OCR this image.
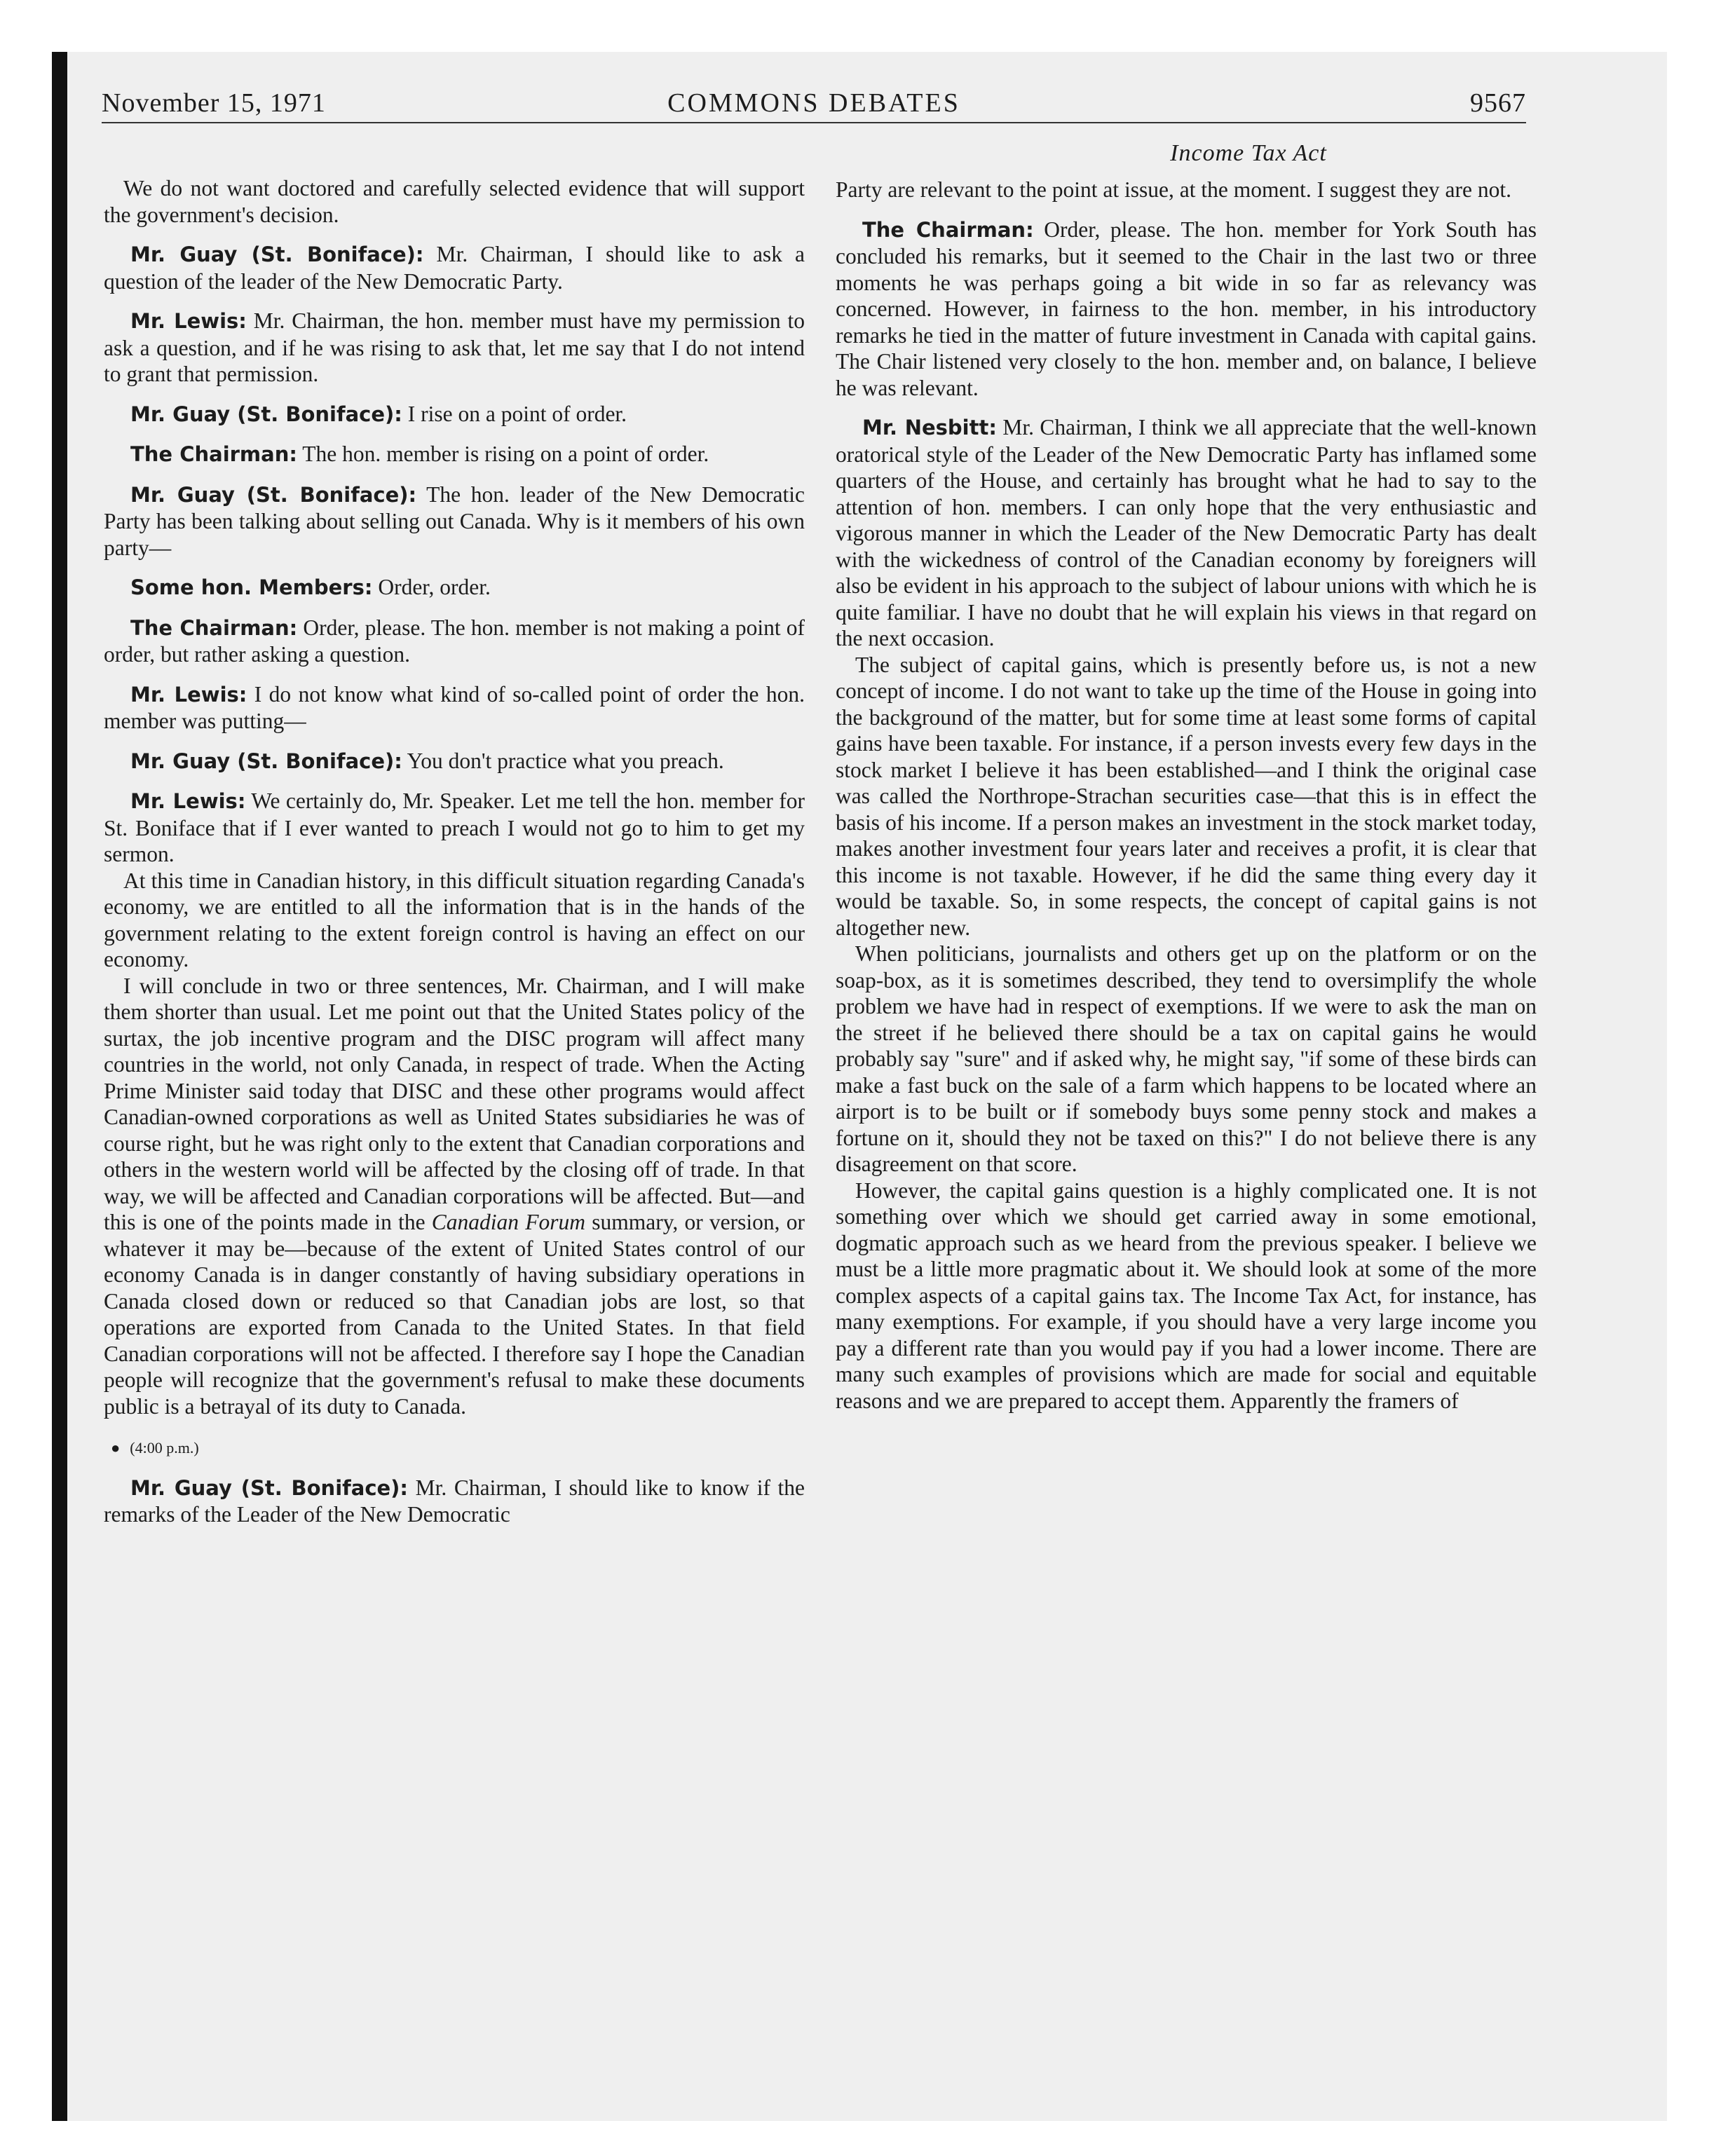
November 15, 1971	COMMONS DEBATES	9567
Income Tax Act

We do not want doctored and carefully selected evidence that will support the government's decision.

Mr. Guay (St. Boniface): Mr. Chairman, I should like to ask a question of the leader of the New Democratic Party.

Mr. Lewis: Mr. Chairman, the hon. member must have my permission to ask a question, and if he was rising to ask that, let me say that I do not intend to grant that permission.

Mr. Guay (St. Boniface): I rise on a point of order.

The Chairman: The hon. member is rising on a point of order.

Mr. Guay (St. Boniface): The hon. leader of the New Democratic Party has been talking about selling out Canada. Why is it members of his own party—

Some hon. Members: Order, order.

The Chairman: Order, please. The hon. member is not making a point of order, but rather asking a question.

Mr. Lewis: I do not know what kind of so-called point of order the hon. member was putting—

Mr. Guay (St. Boniface): You don't practice what you preach.

Mr. Lewis: We certainly do, Mr. Speaker. Let me tell the hon. member for St. Boniface that if I ever wanted to preach I would not go to him to get my sermon.

At this time in Canadian history, in this difficult situation regarding Canada's economy, we are entitled to all the information that is in the hands of the government relating to the extent foreign control is having an effect on our economy.

I will conclude in two or three sentences, Mr. Chairman, and I will make them shorter than usual. Let me point out that the United States policy of the surtax, the job incentive program and the DISC program will affect many countries in the world, not only Canada, in respect of trade. When the Acting Prime Minister said today that DISC and these other programs would affect Canadian-owned corporations as well as United States subsidiaries he was of course right, but he was right only to the extent that Canadian corporations and others in the western world will be affected by the closing off of trade. In that way, we will be affected and Canadian corporations will be affected. But—and this is one of the points made in the Canadian Forum summary, or version, or whatever it may be—because of the extent of United States control of our economy Canada is in danger constantly of having subsidiary operations in Canada closed down or reduced so that Canadian jobs are lost, so that operations are exported from Canada to the United States. In that field Canadian corporations will not be affected. I therefore say I hope the Canadian people will recognize that the government's refusal to make these documents public is a betrayal of its duty to Canada.

● (4:00 p.m.)

Mr. Guay (St. Boniface): Mr. Chairman, I should like to know if the remarks of the Leader of the New Democratic

Party are relevant to the point at issue, at the moment. I suggest they are not.

The Chairman: Order, please. The hon. member for York South has concluded his remarks, but it seemed to the Chair in the last two or three moments he was perhaps going a bit wide in so far as relevancy was concerned. However, in fairness to the hon. member, in his introductory remarks he tied in the matter of future investment in Canada with capital gains. The Chair listened very closely to the hon. member and, on balance, I believe he was relevant.

Mr. Nesbitt: Mr. Chairman, I think we all appreciate that the well-known oratorical style of the Leader of the New Democratic Party has inflamed some quarters of the House, and certainly has brought what he had to say to the attention of hon. members. I can only hope that the very enthusiastic and vigorous manner in which the Leader of the New Democratic Party has dealt with the wickedness of control of the Canadian economy by foreigners will also be evident in his approach to the subject of labour unions with which he is quite familiar. I have no doubt that he will explain his views in that regard on the next occasion.

The subject of capital gains, which is presently before us, is not a new concept of income. I do not want to take up the time of the House in going into the background of the matter, but for some time at least some forms of capital gains have been taxable. For instance, if a person invests every few days in the stock market I believe it has been established—and I think the original case was called the Northrope-Strachan securities case—that this is in effect the basis of his income. If a person makes an investment in the stock market today, makes another investment four years later and receives a profit, it is clear that this income is not taxable. However, if he did the same thing every day it would be taxable. So, in some respects, the concept of capital gains is not altogether new.

When politicians, journalists and others get up on the platform or on the soap-box, as it is sometimes described, they tend to oversimplify the whole problem we have had in respect of exemptions. If we were to ask the man on the street if he believed there should be a tax on capital gains he would probably say "sure" and if asked why, he might say, "if some of these birds can make a fast buck on the sale of a farm which happens to be located where an airport is to be built or if somebody buys some penny stock and makes a fortune on it, should they not be taxed on this?" I do not believe there is any disagreement on that score.

However, the capital gains question is a highly complicated one. It is not something over which we should get carried away in some emotional, dogmatic approach such as we heard from the previous speaker. I believe we must be a little more pragmatic about it. We should look at some of the more complex aspects of a capital gains tax. The Income Tax Act, for instance, has many exemptions. For example, if you should have a very large income you pay a different rate than you would pay if you had a lower income. There are many such examples of provisions which are made for social and equitable reasons and we are prepared to accept them. Apparently the framers of
